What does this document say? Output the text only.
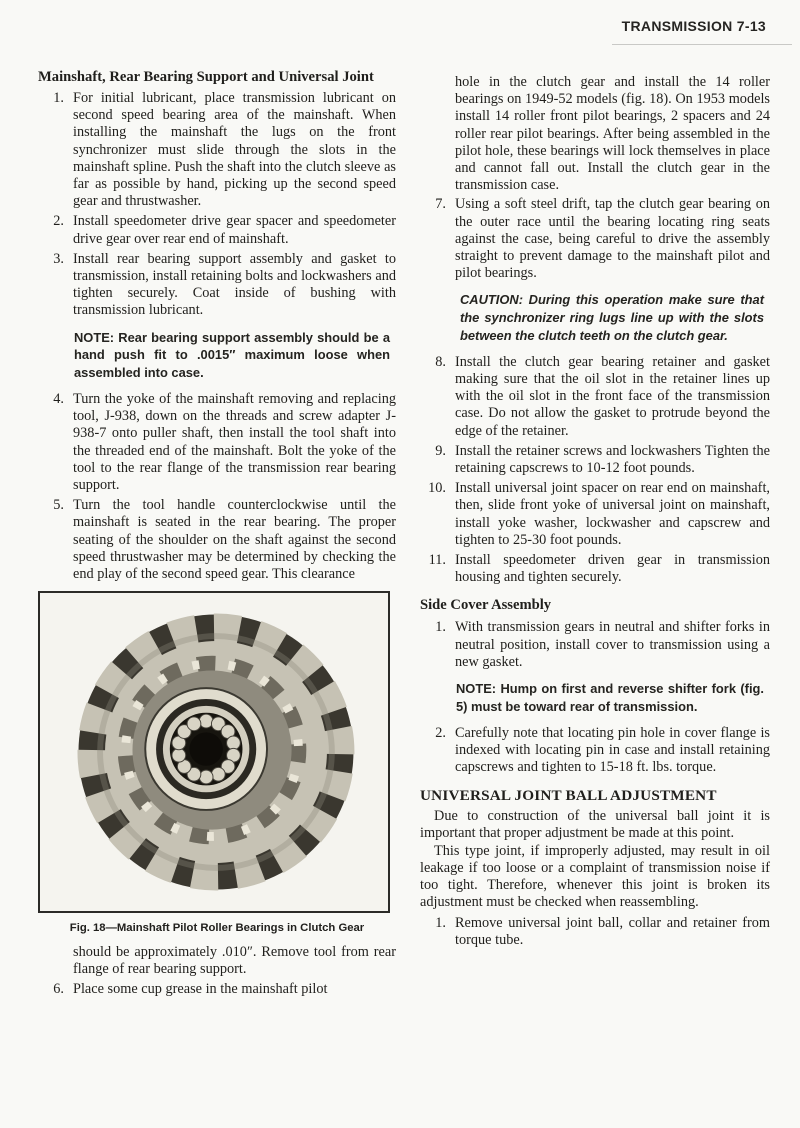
TRANSMISSION 7-13
Mainshaft, Rear Bearing Support and Universal Joint
1. For initial lubricant, place transmission lubricant on second speed bearing area of the mainshaft. When installing the mainshaft the lugs on the front synchronizer must slide through the slots in the mainshaft spline. Push the shaft into the clutch sleeve as far as possible by hand, picking up the second speed gear and thrustwasher.
2. Install speedometer drive gear spacer and speedometer drive gear over rear end of mainshaft.
3. Install rear bearing support assembly and gasket to transmission, install retaining bolts and lockwashers and tighten securely. Coat inside of bushing with transmission lubricant.
NOTE: Rear bearing support assembly should be a hand push fit to .0015″ maximum loose when assembled into case.
4. Turn the yoke of the mainshaft removing and replacing tool, J-938, down on the threads and screw adapter J-938-7 onto puller shaft, then install the tool shaft into the threaded end of the mainshaft. Bolt the yoke of the tool to the rear flange of the transmission rear bearing support.
5. Turn the tool handle counterclockwise until the mainshaft is seated in the rear bearing. The proper seating of the shoulder on the shaft against the second speed thrustwasher may be determined by checking the end play of the second speed gear. This clearance
Fig. 18—Mainshaft Pilot Roller Bearings in Clutch Gear
should be approximately .010″. Remove tool from rear flange of rear bearing support.
6. Place some cup grease in the mainshaft pilot
hole in the clutch gear and install the 14 roller bearings on 1949-52 models (fig. 18). On 1953 models install 14 roller front pilot bearings, 2 spacers and 24 roller rear pilot bearings. After being assembled in the pilot hole, these bearings will lock themselves in place and cannot fall out. Install the clutch gear in the transmission case.
7. Using a soft steel drift, tap the clutch gear bearing on the outer race until the bearing locating ring seats against the case, being careful to drive the assembly straight to prevent damage to the mainshaft pilot and pilot bearings.
CAUTION: During this operation make sure that the synchronizer ring lugs line up with the slots between the clutch teeth on the clutch gear.
8. Install the clutch gear bearing retainer and gasket making sure that the oil slot in the retainer lines up with the oil slot in the front face of the transmission case. Do not allow the gasket to protrude beyond the edge of the retainer.
9. Install the retainer screws and lockwashers Tighten the retaining capscrews to 10-12 foot pounds.
10. Install universal joint spacer on rear end on mainshaft, then, slide front yoke of universal joint on mainshaft, install yoke washer, lockwasher and capscrew and tighten to 25-30 foot pounds.
11. Install speedometer driven gear in transmission housing and tighten securely.
Side Cover Assembly
1. With transmission gears in neutral and shifter forks in neutral position, install cover to transmission using a new gasket.
NOTE: Hump on first and reverse shifter fork (fig. 5) must be toward rear of transmission.
2. Carefully note that locating pin hole in cover flange is indexed with locating pin in case and install retaining capscrews and tighten to 15-18 ft. lbs. torque.
UNIVERSAL JOINT BALL ADJUSTMENT

Due to construction of the universal ball joint it is important that proper adjustment be made at this point.

This type joint, if improperly adjusted, may result in oil leakage if too loose or a complaint of transmission noise if too tight. Therefore, whenever this joint is broken its adjustment must be checked when reassembling.

1. Remove universal joint ball, collar and retainer from torque tube.
